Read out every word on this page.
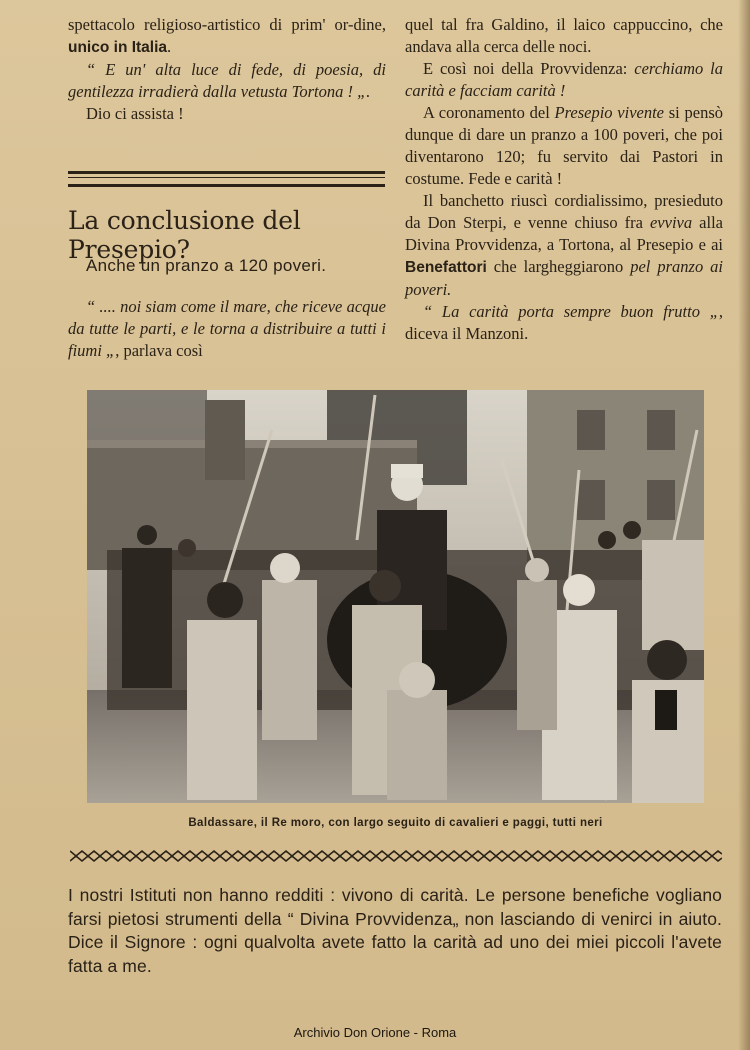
spettacolo religioso-artistico di prim' or-dine, unico in Italia.

“ E un' alta luce di fede, di poesia, di gentilezza irradierà dalla vetusta Tortona ! „.

Dio ci assista !

La conclusione del Presepio?
Anche un pranzo a 120 poveri.

“ .... noi siam come il mare, che riceve acque da tutte le parti, e le torna a distribuire a tutti i fiumi „, parlava così

quel tal fra Galdino, il laico cappuccino, che andava alla cerca delle noci.

E così noi della Provvidenza: cerchiamo la carità e facciam carità !

A coronamento del Presepio vivente si pensò dunque di dare un pranzo a 100 poveri, che poi diventarono 120; fu servito dai Pastori in costume. Fede e carità !

Il banchetto riuscì cordialissimo, presieduto da Don Sterpi, e venne chiuso fra evviva alla Divina Provvidenza, a Tortona, al Presepio e ai Benefattori che largheggiarono pel pranzo ai poveri.

“ La carità porta sempre buon frutto „, diceva il Manzoni.

Baldassare, il Re moro, con largo seguito di cavalieri e paggi, tutti neri

I nostri Istituti non hanno redditi : vivono di carità. Le persone benefiche vogliano farsi pietosi strumenti della “ Divina Provvidenza„ non lasciando di venirci in aiuto. Dice il Signore : ogni qualvolta avete fatto la carità ad uno dei miei piccoli l'avete fatta a me.

Archivio Don Orione - Roma
